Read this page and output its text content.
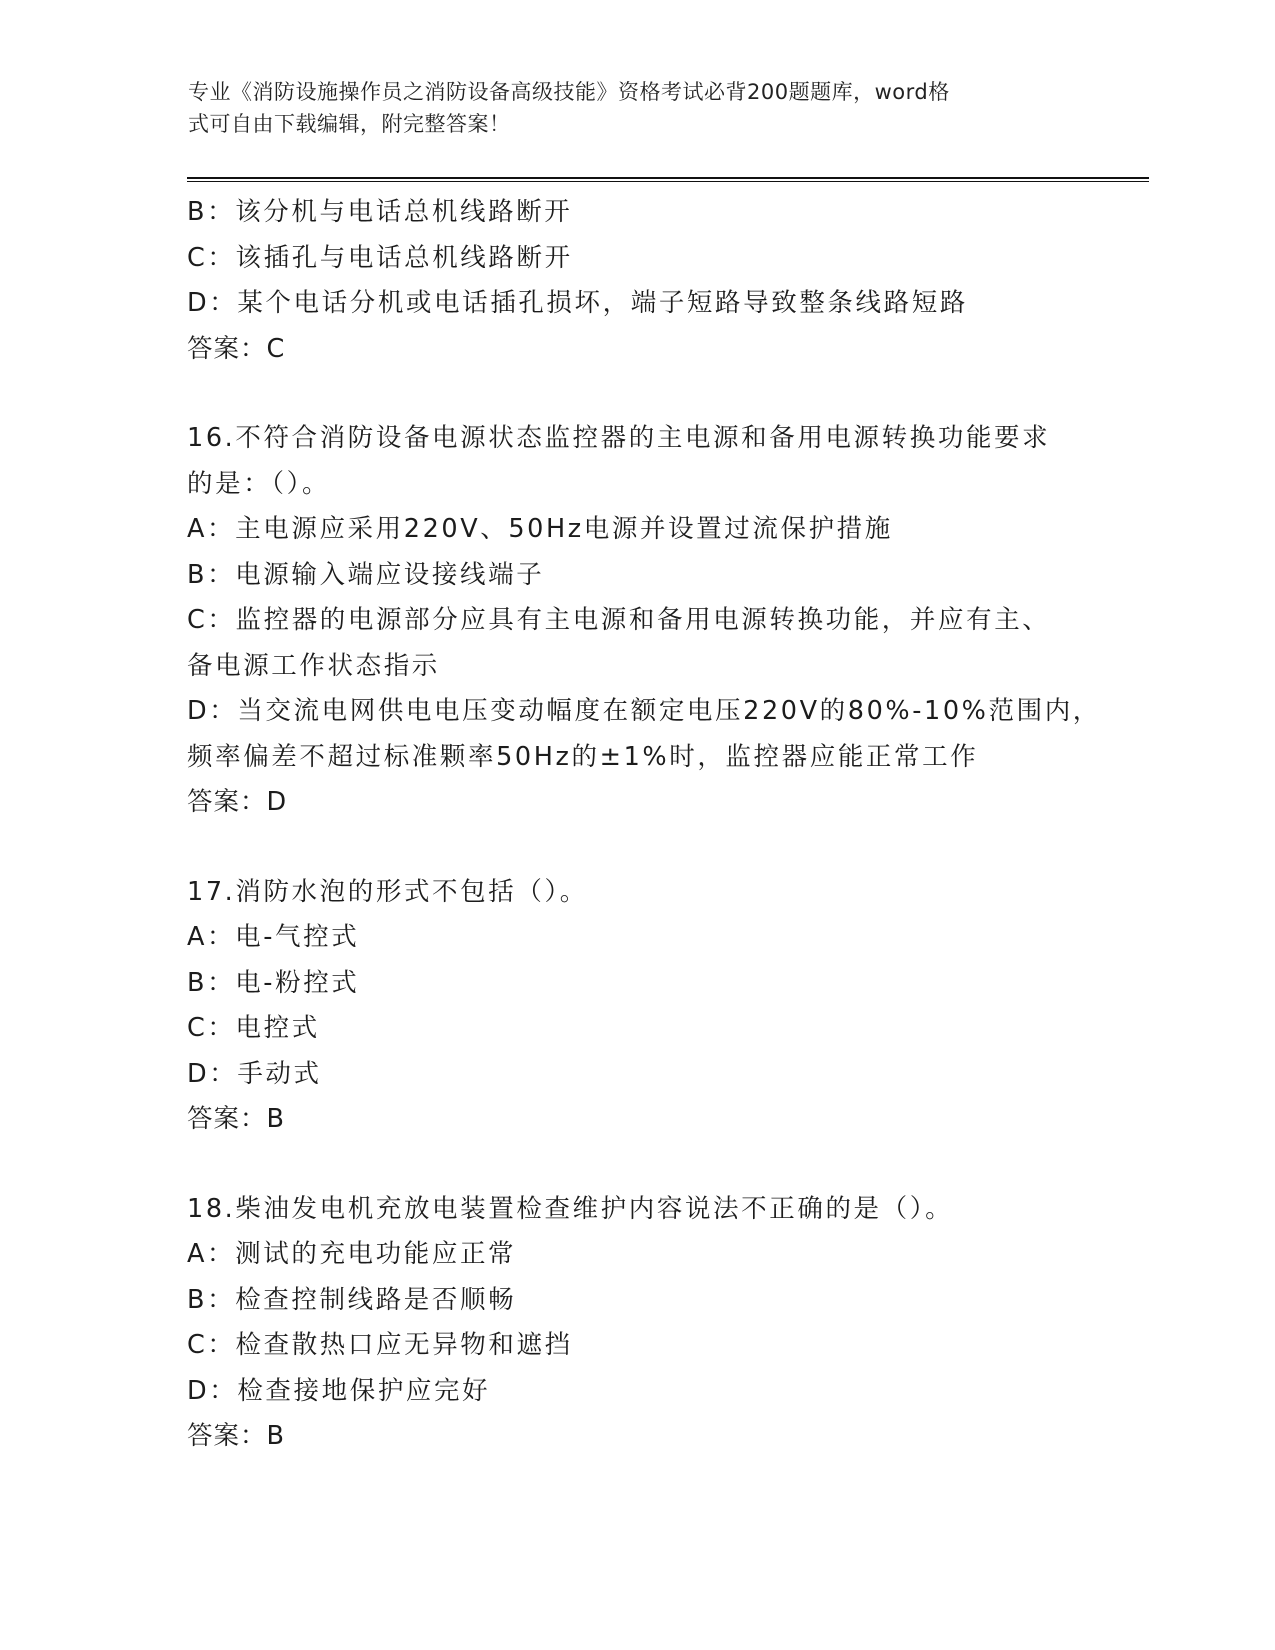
专业《消防设施操作员之消防设备高级技能》资格考试必背200题题库，word格
式可自由下载编辑，附完整答案！
B：该分机与电话总机线路断开
C：该插孔与电话总机线路断开
D：某个电话分机或电话插孔损坏，端子短路导致整条线路短路
答案：C
16.不符合消防设备电源状态监控器的主电源和备用电源转换功能要求
的是：（）。
A：主电源应采用220V、50Hz电源并设置过流保护措施
B：电源输入端应设接线端子
C：监控器的电源部分应具有主电源和备用电源转换功能，并应有主、
备电源工作状态指示
D：当交流电网供电电压变动幅度在额定电压220V的80%-10%范围内，
频率偏差不超过标准颗率50Hz的±1%时，监控器应能正常工作
答案：D
17.消防水泡的形式不包括（）。
A：电-气控式
B：电-粉控式
C：电控式
D：手动式
答案：B
18.柴油发电机充放电装置检查维护内容说法不正确的是（）。
A：测试的充电功能应正常
B：检查控制线路是否顺畅
C：检查散热口应无异物和遮挡
D：检查接地保护应完好
答案：B
